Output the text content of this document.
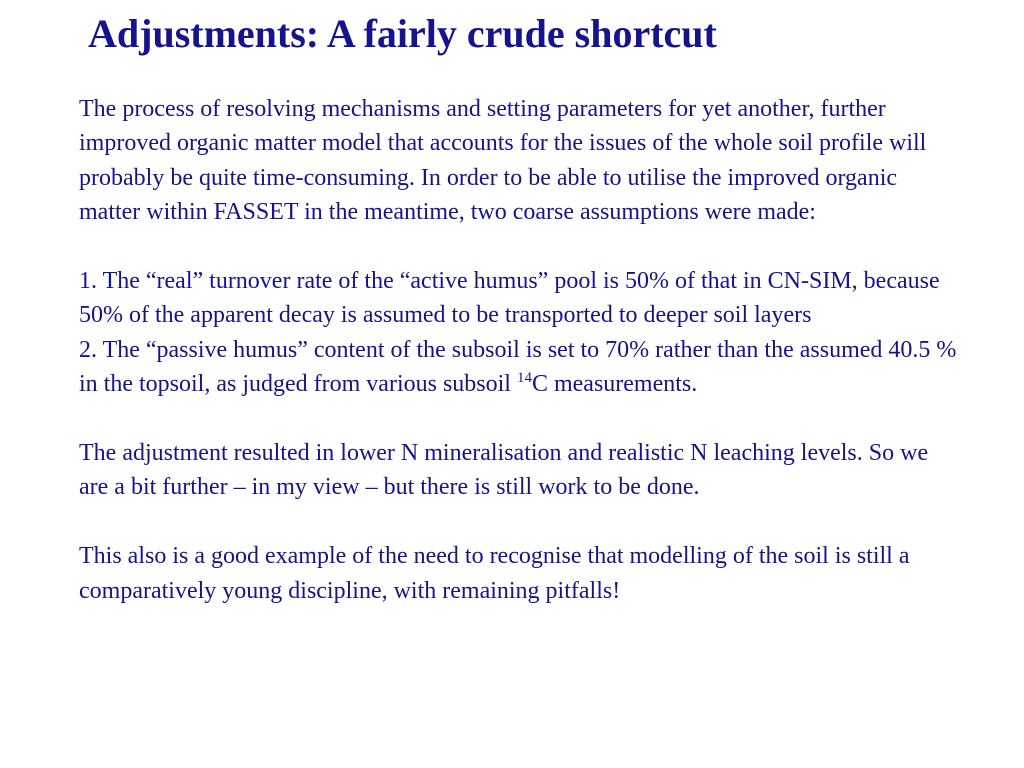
Adjustments: A fairly crude shortcut

The process of resolving mechanisms and setting parameters for yet another, further improved organic matter model that accounts for the issues of the whole soil profile will probably be quite time-consuming. In order to be able to utilise the improved organic matter within FASSET in the meantime, two coarse assumptions were made:

1. The “real” turnover rate of the “active humus” pool is 50% of that in CN-SIM, because 50% of the apparent decay is assumed to be transported to deeper soil layers

2. The “passive humus” content of the subsoil is set to 70% rather than the assumed 40.5 % in the topsoil, as judged from various subsoil $^{14}$C measurements.

The adjustment resulted in lower N mineralisation and realistic N leaching levels. So we are a bit further – in my view – but there is still work to be done.

This also is a good example of the need to recognise that modelling of the soil is still a comparatively young discipline, with remaining pitfalls!
